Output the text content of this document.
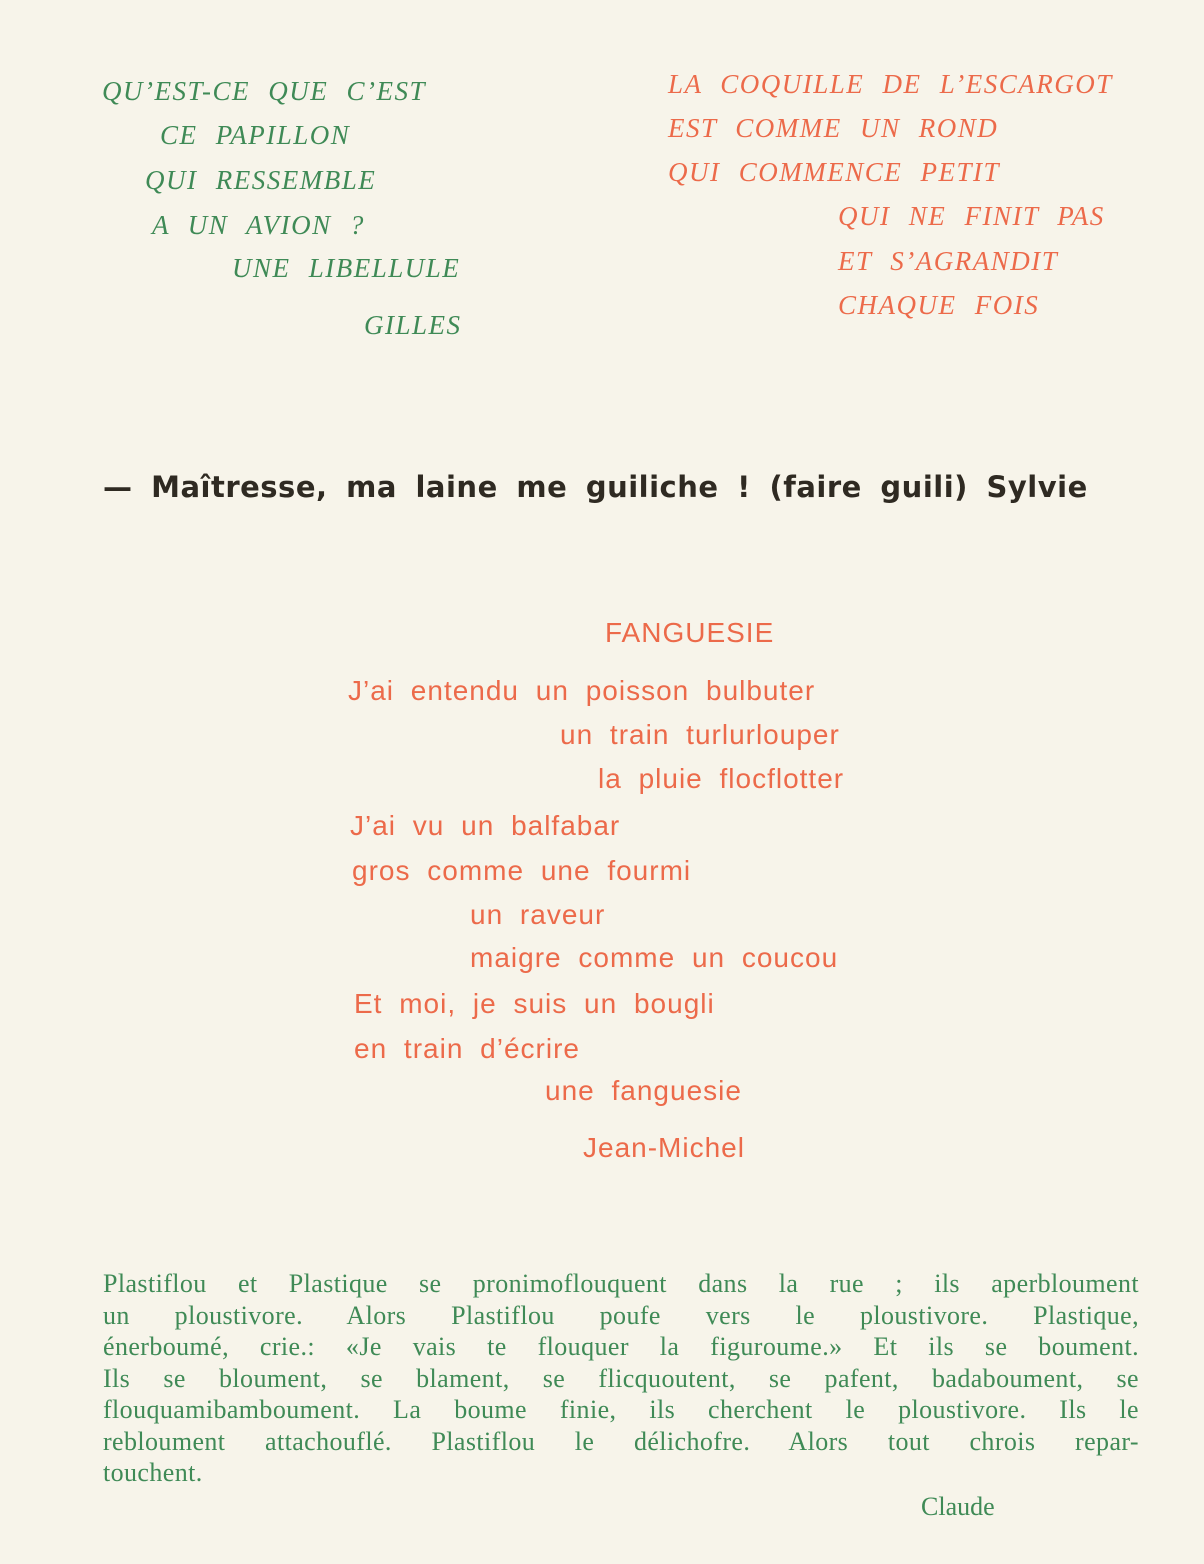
QU’EST-CE QUE C’EST
CE PAPILLON
QUI RESSEMBLE
A UN AVION ?
UNE LIBELLULE
GILLES
LA COQUILLE DE L’ESCARGOT
EST COMME UN ROND
QUI COMMENCE PETIT
QUI NE FINIT PAS
ET S’AGRANDIT
CHAQUE FOIS
— Maîtresse, ma laine me guiliche ! (faire guili) Sylvie
FANGUESIE
J’ai entendu un poisson bulbuter
un train turlurlouper
la pluie flocflotter
J’ai vu un balfabar
gros comme une fourmi
un raveur
maigre comme un coucou
Et moi, je suis un bougli
en train d’écrire
une fanguesie
Jean-Michel
Plastiflou et Plastique se pronimoflouquent dans la rue ; ils aperbloument
un ploustivore. Alors Plastiflou poufe vers le ploustivore. Plastique,
énerboumé, crie.: «Je vais te flouquer la figuroume.» Et ils se boument.
Ils se bloument, se blament, se flicquoutent, se pafent, badaboument, se
flouquamibamboument. La boume finie, ils cherchent le ploustivore. Ils le
rebloument attachouflé. Plastiflou le délichofre. Alors tout chrois repar-
touchent.
Claude
